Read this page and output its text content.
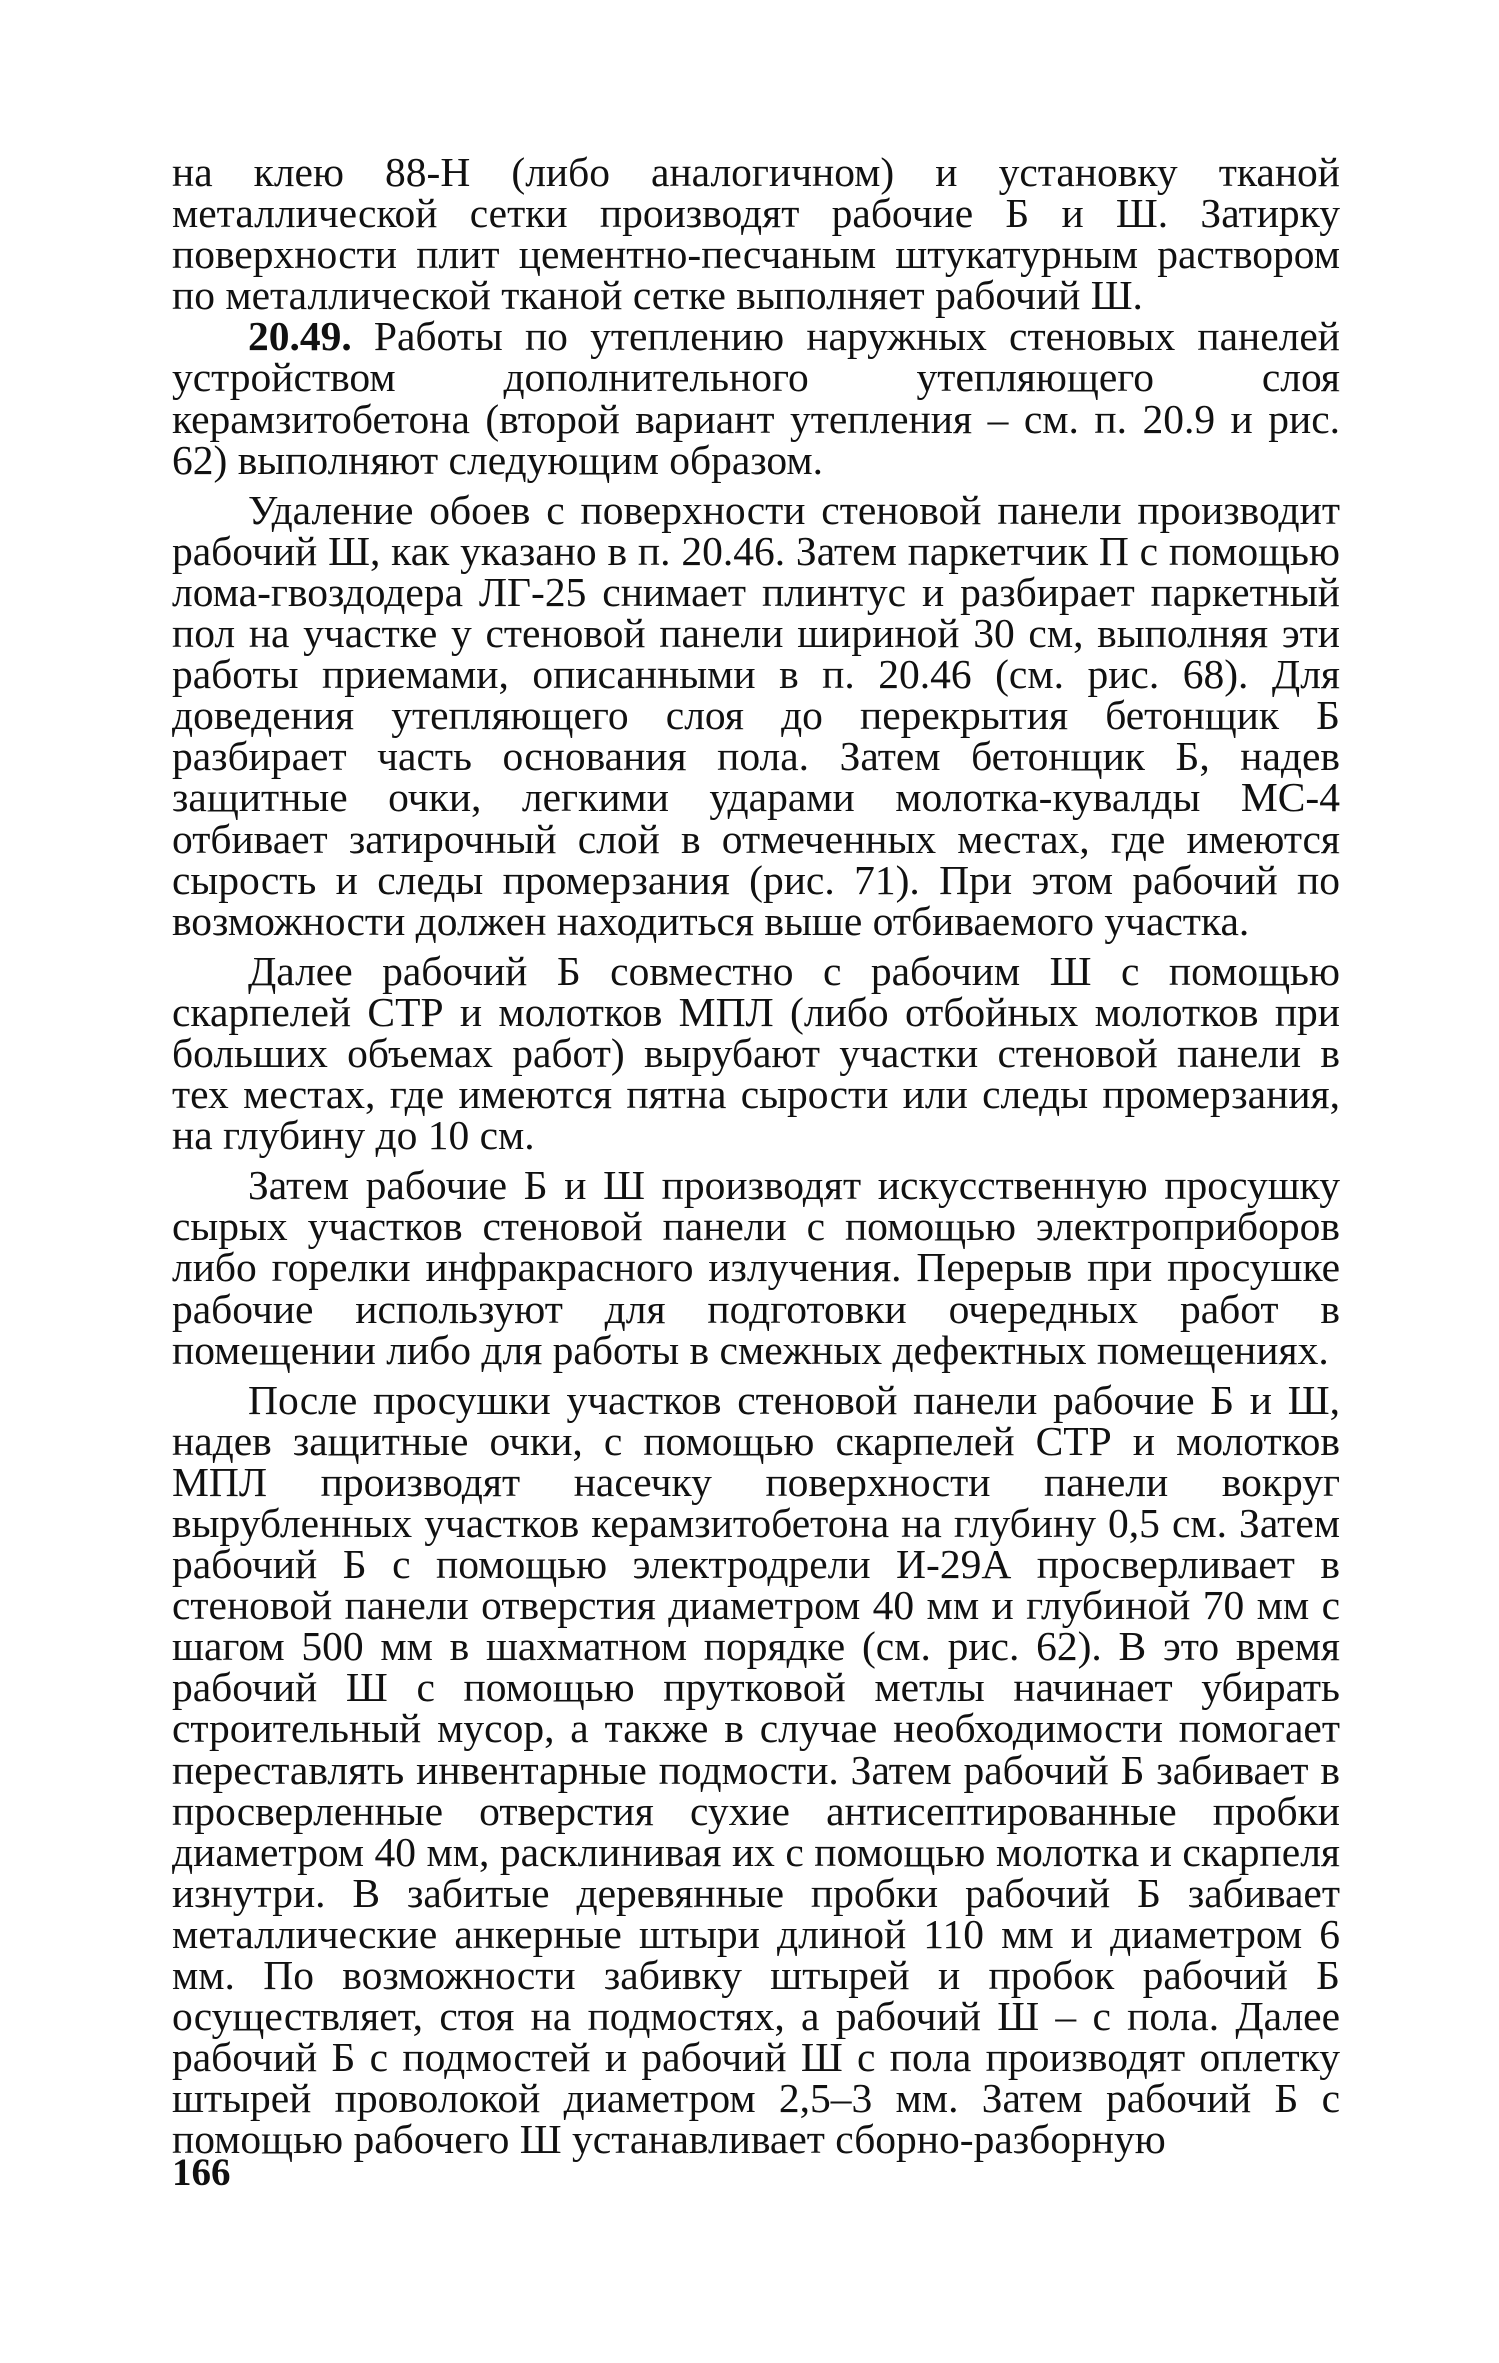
на клею 88-Н (либо аналогичном) и установку тканой металлической сетки производят рабочие Б и Ш. Затирку поверхности плит цементно-песчаным штукатурным раствором по металлической тканой сетке выполняет рабочий Ш.

20.49. Работы по утеплению наружных стеновых панелей устройством дополнительного утепляющего слоя керамзитобетона (второй вариант утепления – см. п. 20.9 и рис. 62) выполняют следующим образом.

Удаление обоев с поверхности стеновой панели производит рабочий Ш, как указано в п. 20.46. Затем паркетчик П с помощью лома-гвоздодера ЛГ-25 снимает плинтус и разбирает паркетный пол на участке у стеновой панели шириной 30 см, выполняя эти работы приемами, описанными в п. 20.46 (см. рис. 68). Для доведения утепляющего слоя до перекрытия бетонщик Б разбирает часть основания пола. Затем бетонщик Б, надев защитные очки, легкими ударами молотка-кувалды МС-4 отбивает затирочный слой в отмеченных местах, где имеются сырость и следы промерзания (рис. 71). При этом рабочий по возможности должен находиться выше отбиваемого участка.

Далее рабочий Б совместно с рабочим Ш с помощью скарпелей СТР и молотков МПЛ (либо отбойных молотков при больших объемах работ) вырубают участки стеновой панели в тех местах, где имеются пятна сырости или следы промерзания, на глубину до 10 см.

Затем рабочие Б и Ш производят искусственную просушку сырых участков стеновой панели с помощью электроприборов либо горелки инфракрасного излучения. Перерыв при просушке рабочие используют для подготовки очередных работ в помещении либо для работы в смежных дефектных помещениях.

После просушки участков стеновой панели рабочие Б и Ш, надев защитные очки, с помощью скарпелей СТР и молотков МПЛ производят насечку поверхности панели вокруг вырубленных участков керамзитобетона на глубину 0,5 см. Затем рабочий Б с помощью электродрели И-29А просверливает в стеновой панели отверстия диаметром 40 мм и глубиной 70 мм с шагом 500 мм в шахматном порядке (см. рис. 62). В это время рабочий Ш с помощью прутковой метлы начинает убирать строительный мусор, а также в случае необходимости помогает переставлять инвентарные подмости. Затем рабочий Б забивает в просверленные отверстия сухие антисептированные пробки диаметром 40 мм, расклинивая их с помощью молотка и скарпеля изнутри. В забитые деревянные пробки рабочий Б забивает металлические анкерные штыри длиной 110 мм и диаметром 6 мм. По возможности забивку штырей и пробок рабочий Б осуществляет, стоя на подмостях, а рабочий Ш – с пола. Далее рабочий Б с подмостей и рабочий Ш с пола производят оплетку штырей проволокой диаметром 2,5–3 мм. Затем рабочий Б с помощью рабочего Ш устанавливает сборно-разборную

166
